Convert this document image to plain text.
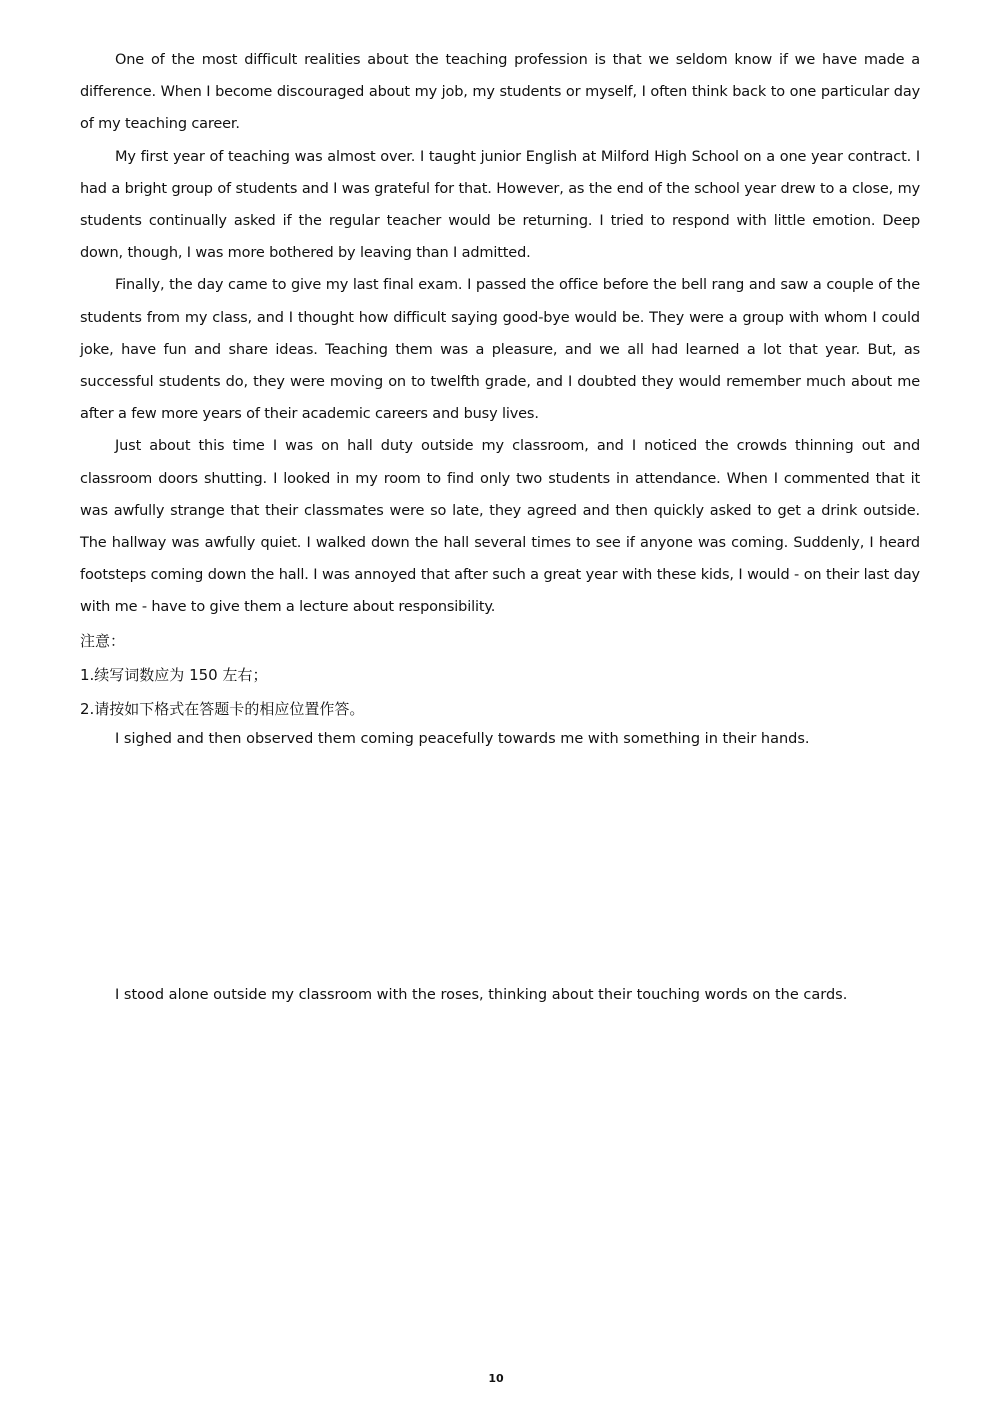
One of the most difficult realities about the teaching profession is that we seldom know if we have made a difference. When I become discouraged about my job, my students or myself, I often think back to one particular day of my teaching career.

My first year of teaching was almost over. I taught junior English at Milford High School on a one year contract. I had a bright group of students and I was grateful for that. However, as the end of the school year drew to a close, my students continually asked if the regular teacher would be returning. I tried to respond with little emotion. Deep down, though, I was more bothered by leaving than I admitted.

Finally, the day came to give my last final exam. I passed the office before the bell rang and saw a couple of the students from my class, and I thought how difficult saying good-bye would be. They were a group with whom I could joke, have fun and share ideas. Teaching them was a pleasure, and we all had learned a lot that year. But, as successful students do, they were moving on to twelfth grade, and I doubted they would remember much about me after a few more years of their academic careers and busy lives.

Just about this time I was on hall duty outside my classroom, and I noticed the crowds thinning out and classroom doors shutting. I looked in my room to find only two students in attendance. When I commented that it was awfully strange that their classmates were so late, they agreed and then quickly asked to get a drink outside. The hallway was awfully quiet. I walked down the hall several times to see if anyone was coming. Suddenly, I heard footsteps coming down the hall. I was annoyed that after such a great year with these kids, I would - on their last day with me - have to give them a lecture about responsibility.

注意：

1.续写词数应为 150 左右；

2.请按如下格式在答题卡的相应位置作答。

I sighed and then observed them coming peacefully towards me with something in their hands.

I stood alone outside my classroom with the roses, thinking about their touching words on the cards.

10
